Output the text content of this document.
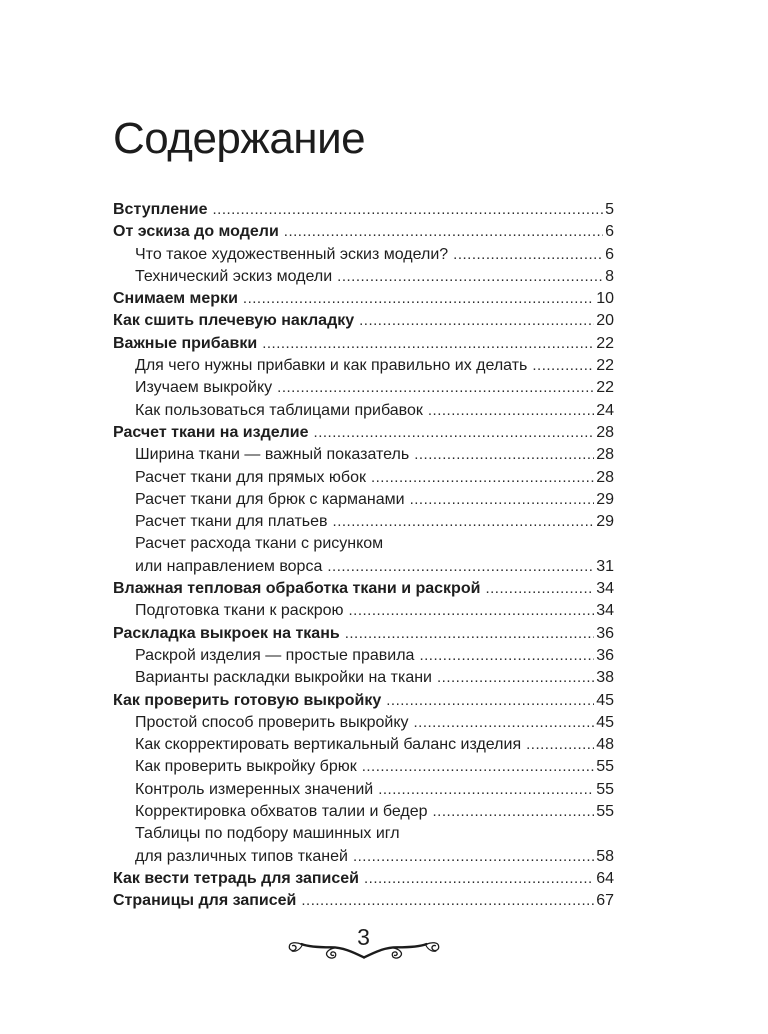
Содержание
Вступление .....	5
От эскиза до модели .....	6
Что такое художественный эскиз модели? .....	6
Технический эскиз модели .....	8
Снимаем мерки .....	10
Как сшить плечевую накладку .....	20
Важные прибавки .....	22
Для чего нужны прибавки и как правильно их делать .....	22
Изучаем выкройку .....	22
Как пользоваться таблицами прибавок .....	24
Расчет ткани на изделие .....	28
Ширина ткани — важный показатель .....	28
Расчет ткани для прямых юбок .....	28
Расчет ткани для брюк с карманами .....	29
Расчет ткани для платьев .....	29
Расчет расхода ткани с рисунком
или направлением ворса .....	31
Влажная тепловая обработка ткани и раскрой .....	34
Подготовка ткани к раскрою .....	34
Раскладка выкроек на ткань .....	36
Раскрой изделия — простые правила .....	36
Варианты раскладки выкройки на ткани .....	38
Как проверить готовую выкройку .....	45
Простой способ проверить выкройку .....	45
Как скорректировать вертикальный баланс изделия .....	48
Как проверить выкройку брюк .....	55
Контроль измеренных значений .....	55
Корректировка обхватов талии и бедер .....	55
Таблицы по подбору машинных игл
для различных типов тканей .....	58
Как вести тетрадь для записей .....	64
Страницы для записей .....	67
3
